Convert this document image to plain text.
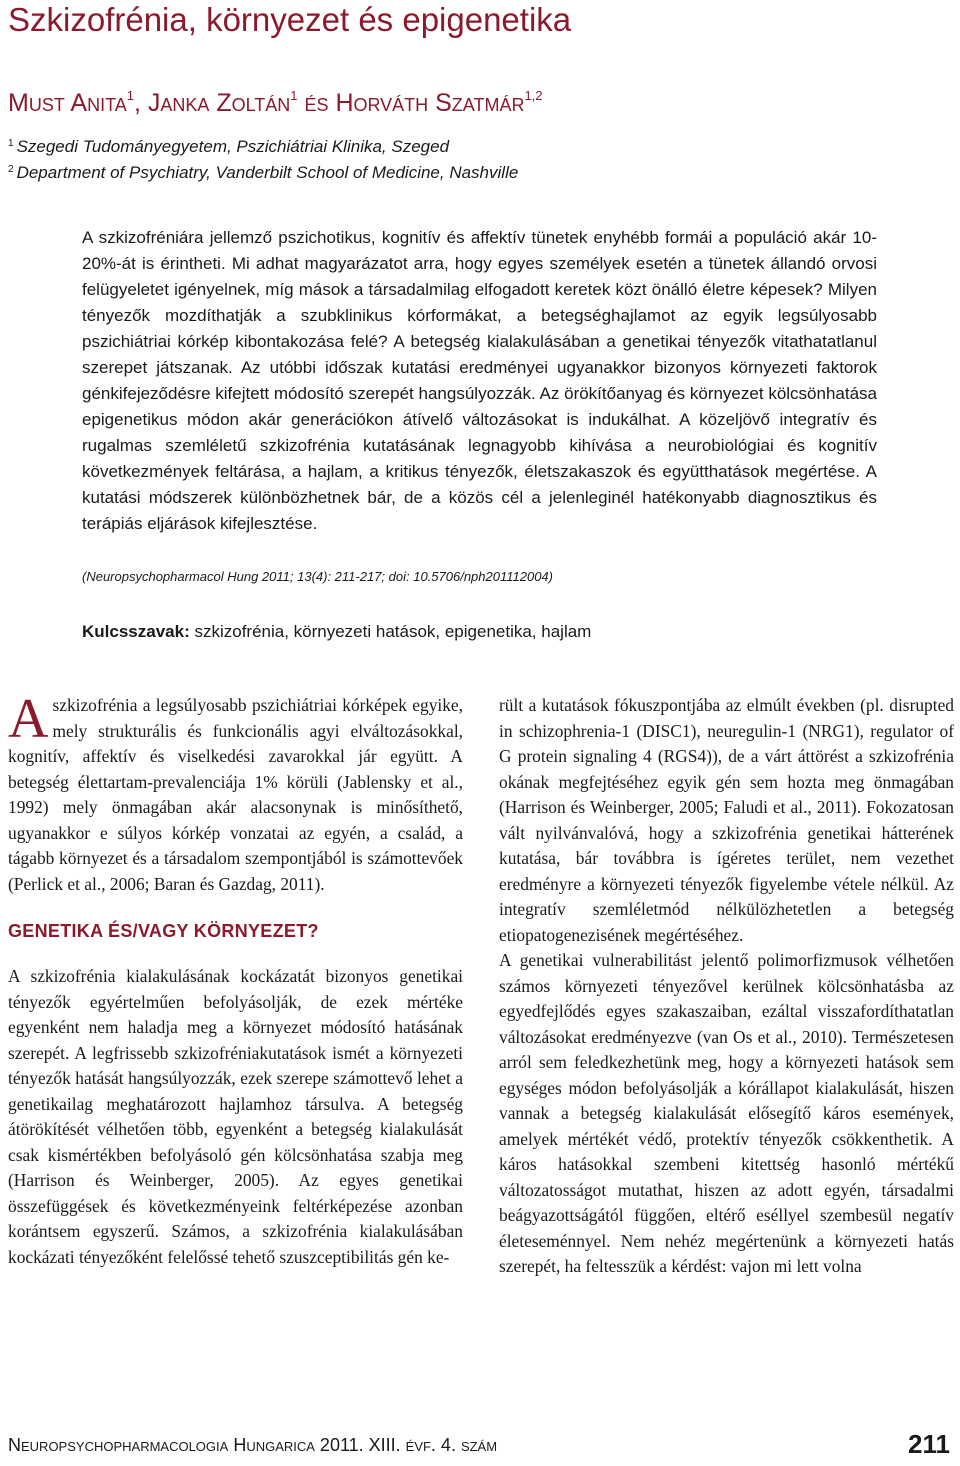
Szkizofrénia, környezet és epigenetika
Must Anita$^1$, Janka Zoltán$^1$ és Horváth Szatmár$^{1,2}$

$^1$ Szegedi Tudományegyetem, Pszichiátriai Klinika, Szeged

$^2$ Department of Psychiatry, Vanderbilt School of Medicine, Nashville

A szkizofréniára jellemző pszichotikus, kognitív és affektív tünetek enyhébb formái a populáció akár 10-20%-át is érintheti. Mi adhat magyarázatot arra, hogy egyes személyek esetén a tünetek állandó orvosi felügyeletet igényelnek, míg mások a társadalmilag elfogadott keretek közt önálló életre képesek? Milyen tényezők mozdíthatják a szubklinikus kórformákat, a betegséghajlamot az egyik legsúlyosabb pszichiátriai kórkép kibontakozása felé? A betegség kialakulásában a genetikai tényezők vitathatatlanul szerepet játszanak. Az utóbbi időszak kutatási eredményei ugyanakkor bizonyos környezeti faktorok génkifejeződésre kifejtett módosító szerepét hangsúlyozzák. Az örökítőanyag és környezet kölcsönhatása epigenetikus módon akár generációkon átívelő változásokat is indukálhat. A közeljövő integratív és rugalmas szemléletű szkizofrénia kutatásának legnagyobb kihívása a neurobiológiai és kognitív következmények feltárása, a hajlam, a kritikus tényezők, életszakaszok és együtthatások megértése. A kutatási módszerek különbözhetnek bár, de a közös cél a jelenleginél hatékonyabb diagnosztikus és terápiás eljárások kifejlesztése.

(Neuropsychopharmacol Hung 2011; 13(4): 211-217; doi: 10.5706/nph201112004)

Kulcsszavak: szkizofrénia, környezeti hatások, epigenetika, hajlam

Aszkizofrénia a legsúlyosabb pszichiátriai kórképek egyike, mely strukturális és funkcionális agyi elváltozásokkal, kognitív, affektív és viselkedési zavarokkal jár együtt. A betegség élettartam-prevalenciája 1% körüli (Jablensky et al., 1992) mely önmagában akár alacsonynak is minősíthető, ugyanakkor e súlyos kórkép vonzatai az egyén, a család, a tágabb környezet és a társadalom szempontjából is számottevőek (Perlick et al., 2006; Baran és Gazdag, 2011).

GENETIKA ÉS/VAGY KÖRNYEZET?

A szkizofrénia kialakulásának kockázatát bizonyos genetikai tényezők egyértelműen befolyásolják, de ezek mértéke egyenként nem haladja meg a környezet módosító hatásának szerepét. A legfrissebb szkizofréniakutatások ismét a környezeti tényezők hatását hangsúlyozzák, ezek szerepe számottevő lehet a genetikailag meghatározott hajlamhoz társulva. A betegség átörökítését vélhetően több, egyenként a betegség kialakulását csak kismértékben befolyásoló gén kölcsönhatása szabja meg (Harrison és Weinberger, 2005). Az egyes genetikai összefüggések és következményeink feltérképezése azonban korántsem egyszerű. Számos, a szkizofrénia kialakulásában kockázati tényezőként felelőssé tehető szuszceptibilitás gén ke-

rült a kutatások fókuszpontjába az elmúlt években (pl. disrupted in schizophrenia-1 (DISC1), neuregulin-1 (NRG1), regulator of G protein signaling 4 (RGS4)), de a várt áttörést a szkizofrénia okának megfejtéséhez egyik gén sem hozta meg önmagában (Harrison és Weinberger, 2005; Faludi et al., 2011). Fokozatosan vált nyilvánvalóvá, hogy a szkizofrénia genetikai hátterének kutatása, bár továbbra is ígéretes terület, nem vezethet eredményre a környezeti tényezők figyelembe vétele nélkül. Az integratív szemléletmód nélkülözhetetlen a betegség etiopatogenezisének megértéséhez.

A genetikai vulnerabilitást jelentő polimorfizmusok vélhetően számos környezeti tényezővel kerülnek kölcsönhatásba az egyedfejlődés egyes szakaszaiban, ezáltal visszafordíthatatlan változásokat eredményezve (van Os et al., 2010). Természetesen arról sem feledkezhetünk meg, hogy a környezeti hatások sem egységes módon befolyásolják a kórállapot kialakulását, hiszen vannak a betegség kialakulását elősegítő káros események, amelyek mértékét védő, protektív tényezők csökkenthetik. A káros hatásokkal szembeni kitettség hasonló mértékű változatosságot mutathat, hiszen az adott egyén, társadalmi beágyazottságától függően, eltérő eséllyel szembesül negatív életeseménnyel. Nem nehéz megértenünk a környezeti hatás szerepét, ha feltesszük a kérdést: vajon mi lett volna

Neuropsychopharmacologia Hungarica 2011. XIII. évf. 4. szám	211
